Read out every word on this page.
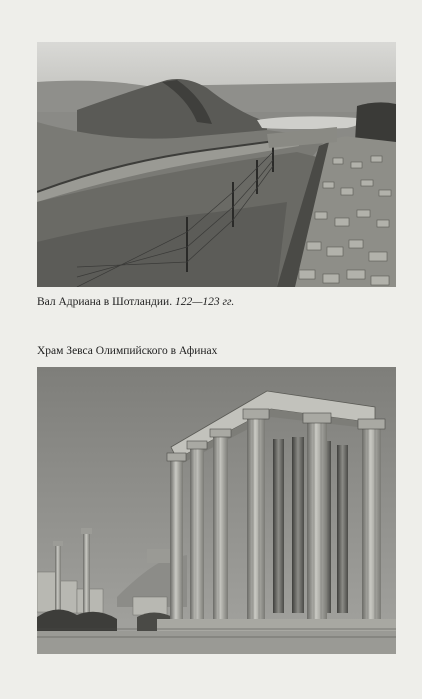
Вал Адриана в Шотландии. 122—123 гг.
Храм Зевса Олимпийского в Афинах
